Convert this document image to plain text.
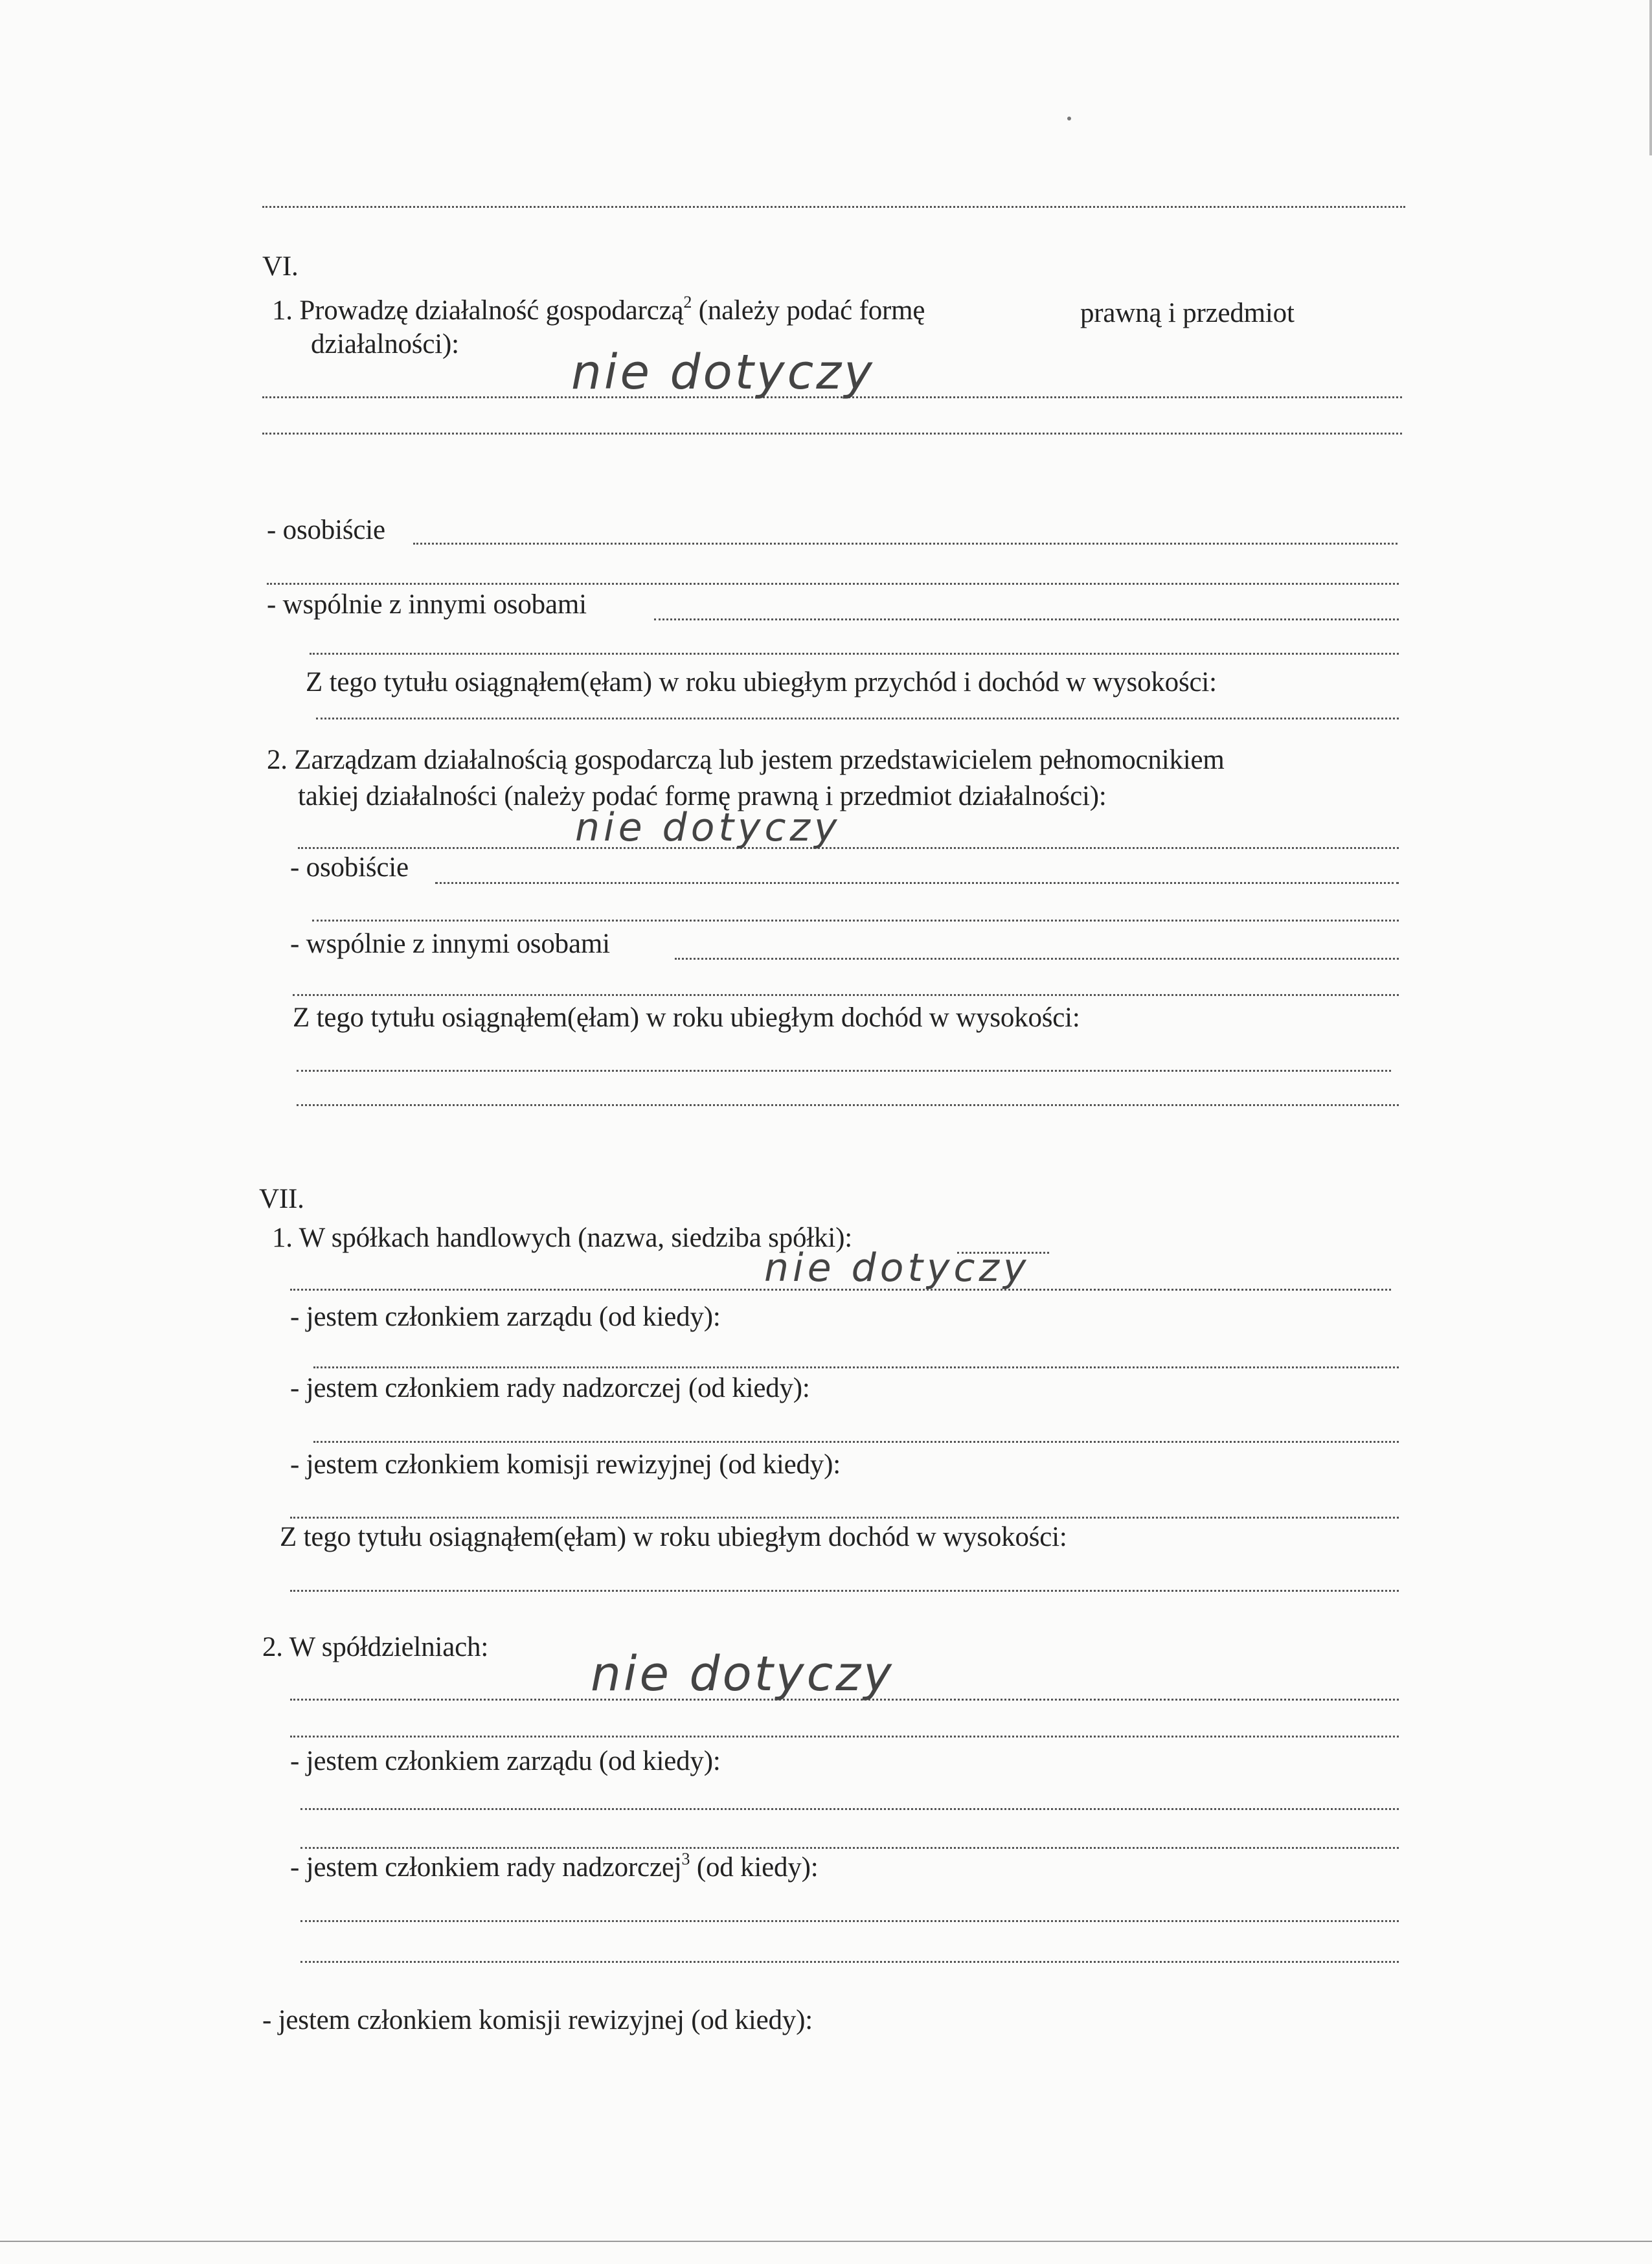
VI.
1. Prowadzę działalność gospodarczą$^2$ (należy podać formę	prawną i przedmiot
działalności):
nie dotyczy
- osobiście
- wspólnie z innymi osobami
Z tego tytułu osiągnąłem(ęłam) w roku ubiegłym przychód i dochód w wysokości:
2. Zarządzam działalnością gospodarczą lub jestem przedstawicielem pełnomocnikiem
takiej działalności (należy podać formę prawną i przedmiot działalności):
nie dotyczy
- osobiście
- wspólnie z innymi osobami
Z tego tytułu osiągnąłem(ęłam) w roku ubiegłym dochód w wysokości:
VII.
1. W spółkach handlowych (nazwa, siedziba spółki):
nie dotyczy
- jestem członkiem zarządu (od kiedy):
- jestem członkiem rady nadzorczej (od kiedy):
- jestem członkiem komisji rewizyjnej (od kiedy):
Z tego tytułu osiągnąłem(ęłam) w roku ubiegłym dochód w wysokości:
2. W spółdzielniach: nie dotyczy
- jestem członkiem zarządu (od kiedy):
- jestem członkiem rady nadzorczej$^3$ (od kiedy):
- jestem członkiem komisji rewizyjnej (od kiedy):
